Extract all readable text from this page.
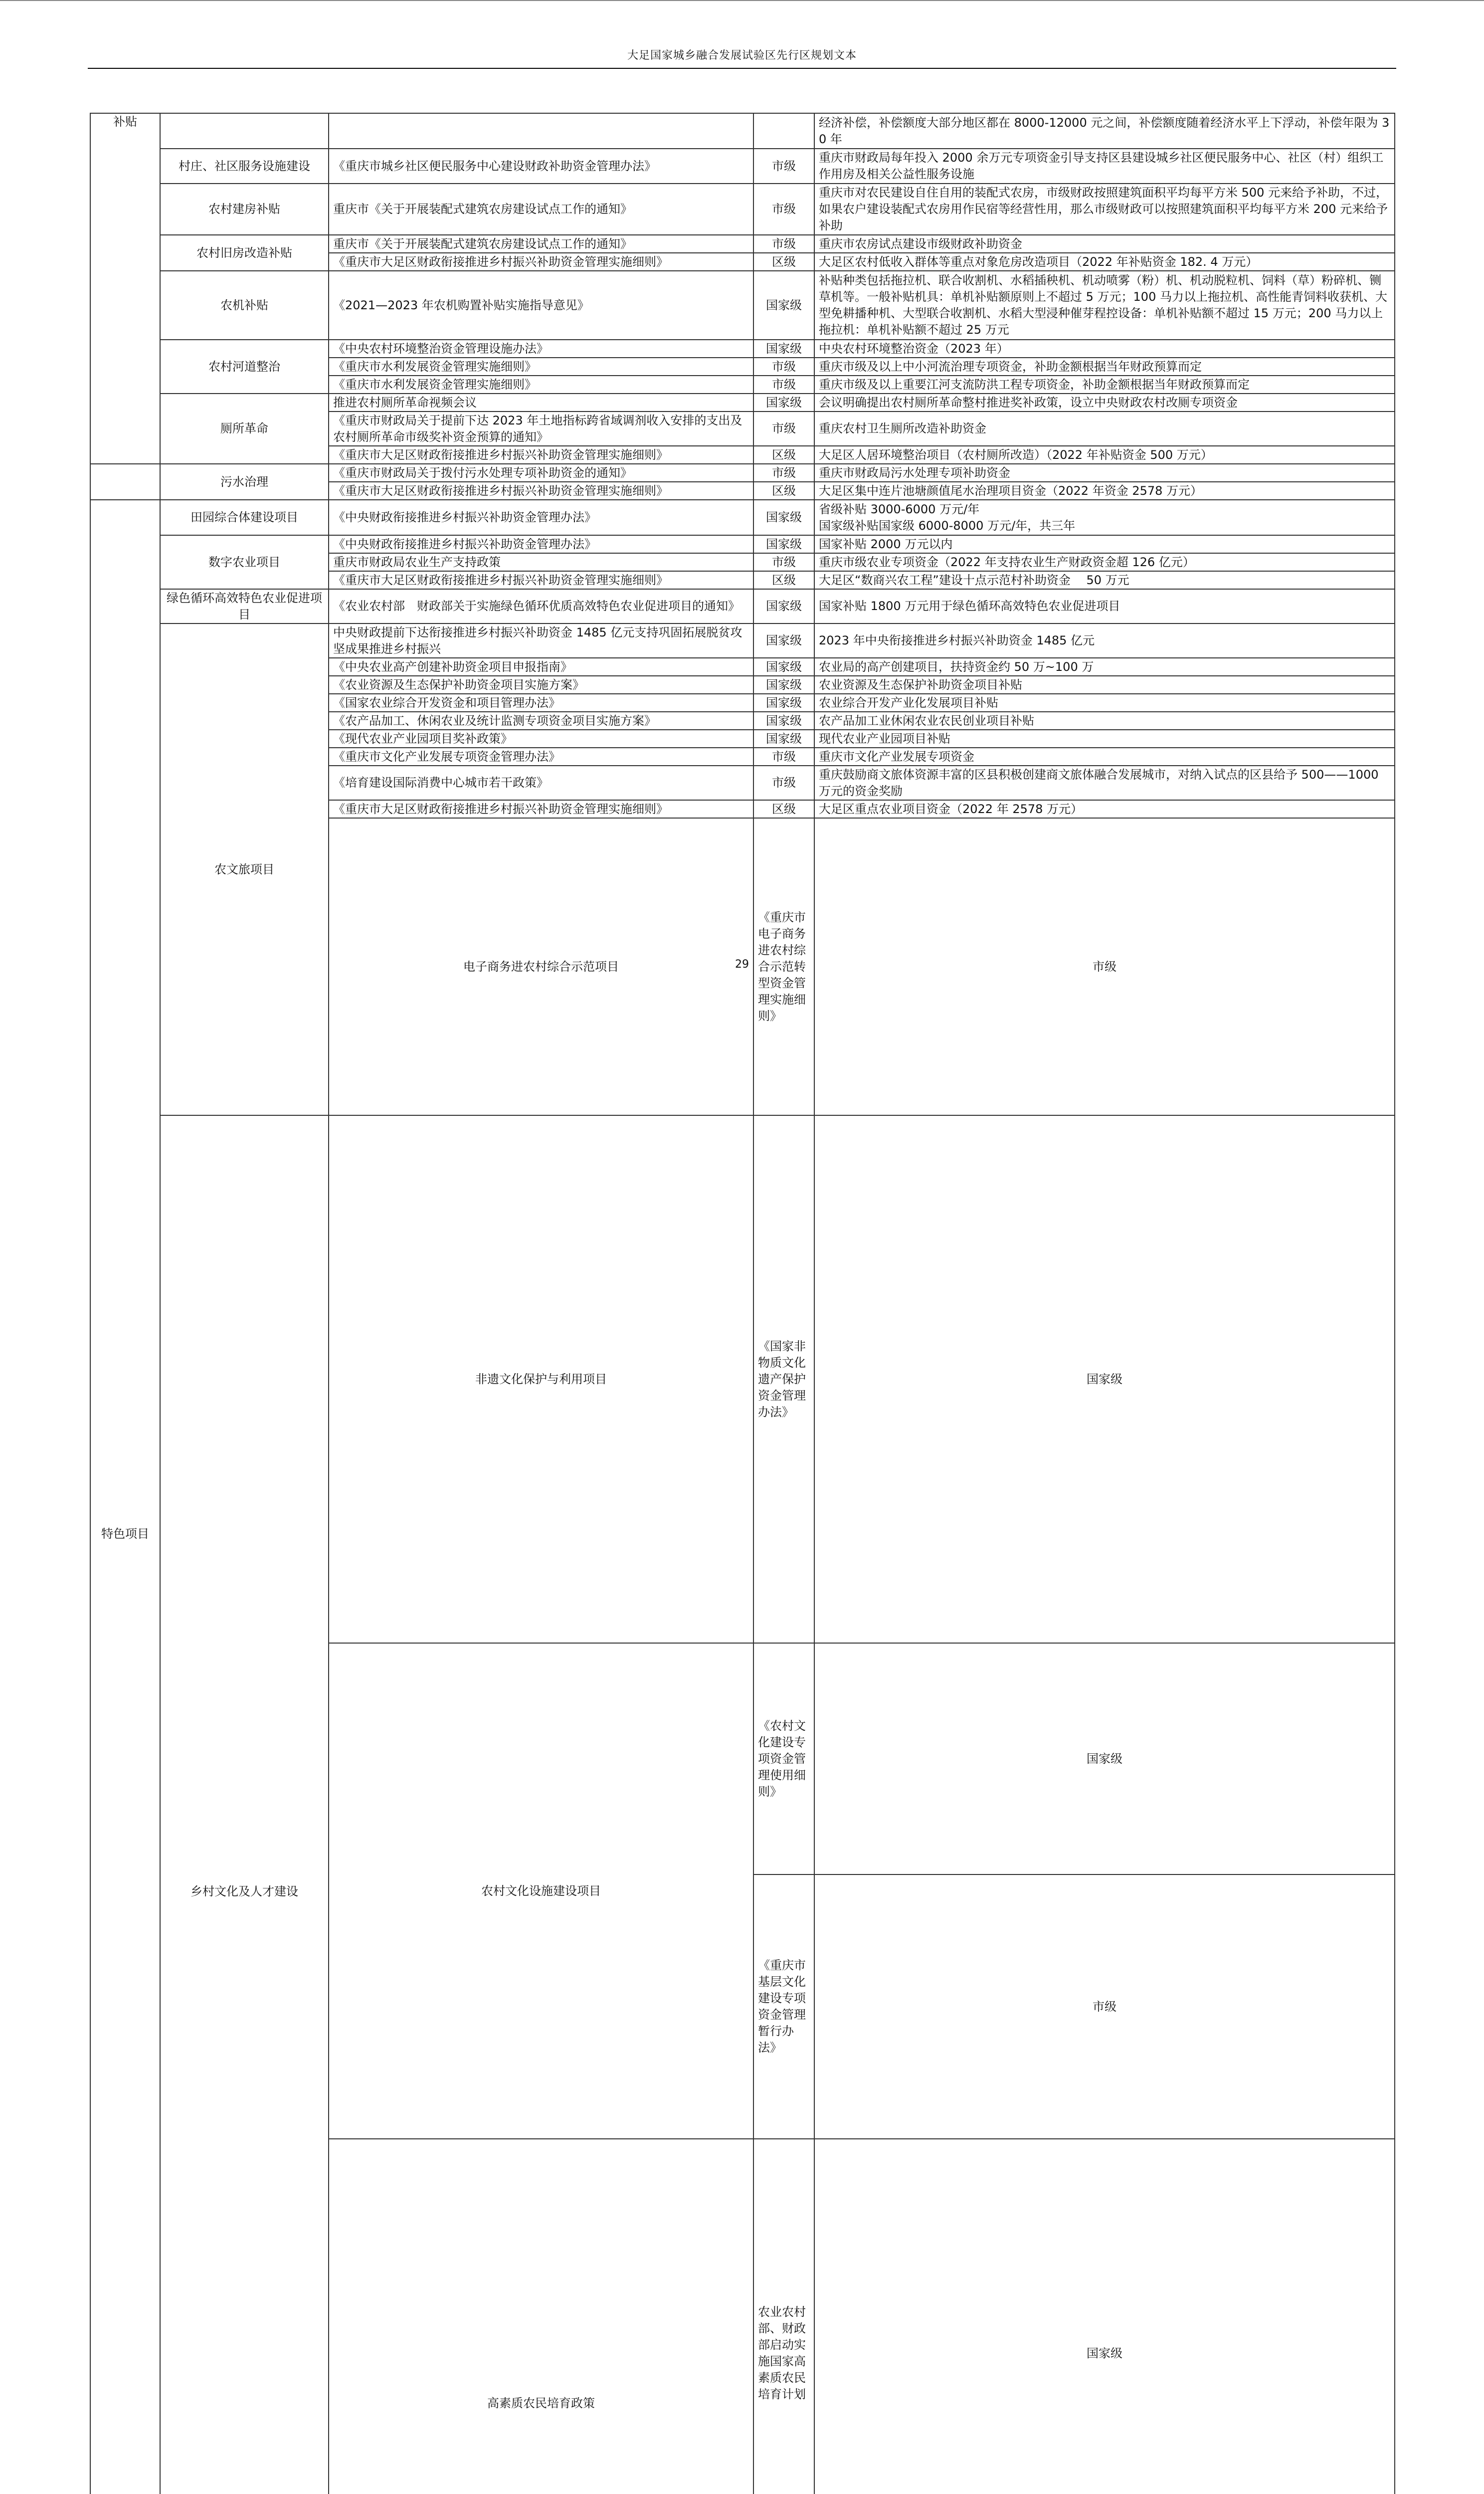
大足国家城乡融合发展试验区先行区规划文本
补贴				经济补偿，补偿额度大部分地区都在 8000-12000 元之间，补偿额度随着经济水平上下浮动，补偿年限为 30 年	
	村庄、社区服务设施建设	《重庆市城乡社区便民服务中心建设财政补助资金管理办法》	市级	重庆市财政局每年投入 2000 余万元专项资金引导支持区县建设城乡社区便民服务中心、社区（村）组织工作用房及相关公益性服务设施	
	农村建房补贴	重庆市《关于开展装配式建筑农房建设试点工作的通知》	市级	重庆市对农民建设自住自用的装配式农房，市级财政按照建筑面积平均每平方米 500 元来给予补助，不过，如果农户建设装配式农房用作民宿等经营性用，那么市级财政可以按照建筑面积平均每平方米 200 元来给予补助	
	农村旧房改造补贴	重庆市《关于开展装配式建筑农房建设试点工作的通知》	市级	重庆市农房试点建设市级财政补助资金	
		《重庆市大足区财政衔接推进乡村振兴补助资金管理实施细则》	区级	大足区农村低收入群体等重点对象危房改造项目（2022 年补贴资金 182. 4 万元）	
	农机补贴	《2021—2023 年农机购置补贴实施指导意见》	国家级	补贴种类包括拖拉机、联合收割机、水稻插秧机、机动喷雾（粉）机、机动脱粒机、饲料（草）粉碎机、铡草机等。一般补贴机具：单机补贴额原则上不超过 5 万元；100 马力以上拖拉机、高性能青饲料收获机、大型免耕播种机、大型联合收割机、水稻大型浸种催芽程控设备：单机补贴额不超过 15 万元；200 马力以上拖拉机：单机补贴额不超过 25 万元	
	农村河道整治	《中央农村环境整治资金管理设施办法》	国家级	中央农村环境整治资金（2023 年）	
		《重庆市水利发展资金管理实施细则》	市级	重庆市级及以上中小河流治理专项资金，补助金额根据当年财政预算而定	
		《重庆市水利发展资金管理实施细则》	市级	重庆市级及以上重要江河支流防洪工程专项资金，补助金额根据当年财政预算而定	
	厕所革命	推进农村厕所革命视频会议	国家级	会议明确提出农村厕所革命整村推进奖补政策，设立中央财政农村改厕专项资金	
		《重庆市财政局关于提前下达 2023 年土地指标跨省域调剂收入安排的支出及农村厕所革命市级奖补资金预算的通知》	市级	重庆农村卫生厕所改造补助资金	
		《重庆市大足区财政衔接推进乡村振兴补助资金管理实施细则》	区级	大足区人居环境整治项目（农村厕所改造）（2022 年补贴资金 500 万元）	
	污水治理	《重庆市财政局关于拨付污水处理专项补助资金的通知》	市级	重庆市财政局污水处理专项补助资金	
		《重庆市大足区财政衔接推进乡村振兴补助资金管理实施细则》	区级	大足区集中连片池塘颜值尾水治理项目资金（2022 年资金 2578 万元）	
特色项目	田园综合体建设项目	《中央财政衔接推进乡村振兴补助资金管理办法》	国家级	省级补贴 3000-6000 万元/年
国家级补贴国家级 6000-8000 万元/年，共三年	
	数字农业项目	《中央财政衔接推进乡村振兴补助资金管理办法》	国家级	国家补贴 2000 万元以内	
		重庆市财政局农业生产支持政策	市级	重庆市级农业专项资金（2022 年支持农业生产财政资金超 126 亿元）	
		《重庆市大足区财政衔接推进乡村振兴补助资金管理实施细则》	区级	大足区“数商兴农工程”建设十点示范村补助资金　 50 万元	
	绿色循环高效特色农业促进项目	《农业农村部　财政部关于实施绿色循环优质高效特色农业促进项目的通知》	国家级	国家补贴 1800 万元用于绿色循环高效特色农业促进项目	
	农文旅项目	中央财政提前下达衔接推进乡村振兴补助资金 1485 亿元支持巩固拓展脱贫攻坚成果推进乡村振兴	国家级	2023 年中央衔接推进乡村振兴补助资金 1485 亿元	
		《中央农业高产创建补助资金项目申报指南》	国家级	农业局的高产创建项目，扶持资金约 50 万~100 万	
		《农业资源及生态保护补助资金项目实施方案》	国家级	农业资源及生态保护补助资金项目补贴	
		《国家农业综合开发资金和项目管理办法》	国家级	农业综合开发产业化发展项目补贴	
		《农产品加工、休闲农业及统计监测专项资金项目实施方案》	国家级	农产品加工业休闲农业农民创业项目补贴	
		《现代农业产业园项目奖补政策》	国家级	现代农业产业园项目补贴	
		《重庆市文化产业发展专项资金管理办法》	市级	重庆市文化产业发展专项资金	
		《培育建设国际消费中心城市若干政策》	市级	重庆鼓励商文旅体资源丰富的区县积极创建商文旅体融合发展城市，对纳入试点的区县给予 500——1000 万元的资金奖励	
		《重庆市大足区财政衔接推进乡村振兴补助资金管理实施细则》	区级	大足区重点农业项目资金（2022 年 2578 万元）	
		电子商务进农村综合示范项目	《重庆市电子商务进农村综合示范转型资金管理实施细则》	市级	
	乡村文化及人才建设	非遗文化保护与利用项目	《国家非物质文化遗产保护资金管理办法》	国家级	
		农村文化设施建设项目	《农村文化建设专项资金管理使用细则》	国家级	
			《重庆市基层文化建设专项资金管理暂行办法》	市级	
		高素质农民培育政策	农业农村部、财政部启动实施国家高素质农民培育计划	国家级	

29
